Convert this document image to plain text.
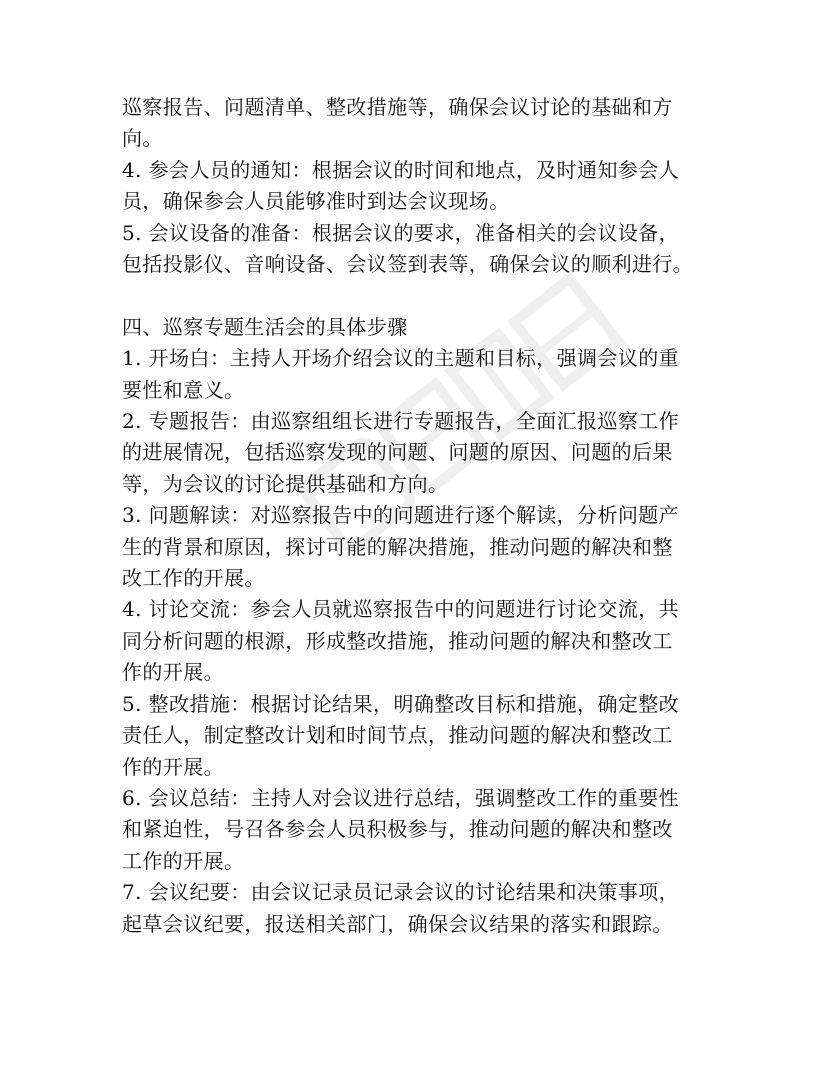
巡察报告、问题清单、整改措施等，确保会议讨论的基础和方
向。
4. 参会人员的通知：根据会议的时间和地点，及时通知参会人
员，确保参会人员能够准时到达会议现场。
5. 会议设备的准备：根据会议的要求，准备相关的会议设备，
包括投影仪、音响设备、会议签到表等，确保会议的顺利进行。
四、巡察专题生活会的具体步骤
1. 开场白：主持人开场介绍会议的主题和目标，强调会议的重
要性和意义。
2. 专题报告：由巡察组组长进行专题报告，全面汇报巡察工作
的进展情况，包括巡察发现的问题、问题的原因、问题的后果
等，为会议的讨论提供基础和方向。
3. 问题解读：对巡察报告中的问题进行逐个解读，分析问题产
生的背景和原因，探讨可能的解决措施，推动问题的解决和整
改工作的开展。
4. 讨论交流：参会人员就巡察报告中的问题进行讨论交流，共
同分析问题的根源，形成整改措施，推动问题的解决和整改工
作的开展。
5. 整改措施：根据讨论结果，明确整改目标和措施，确定整改
责任人，制定整改计划和时间节点，推动问题的解决和整改工
作的开展。
6. 会议总结：主持人对会议进行总结，强调整改工作的重要性
和紧迫性，号召各参会人员积极参与，推动问题的解决和整改
工作的开展。
7. 会议纪要：由会议记录员记录会议的讨论结果和决策事项，
起草会议纪要，报送相关部门，确保会议结果的落实和跟踪。
